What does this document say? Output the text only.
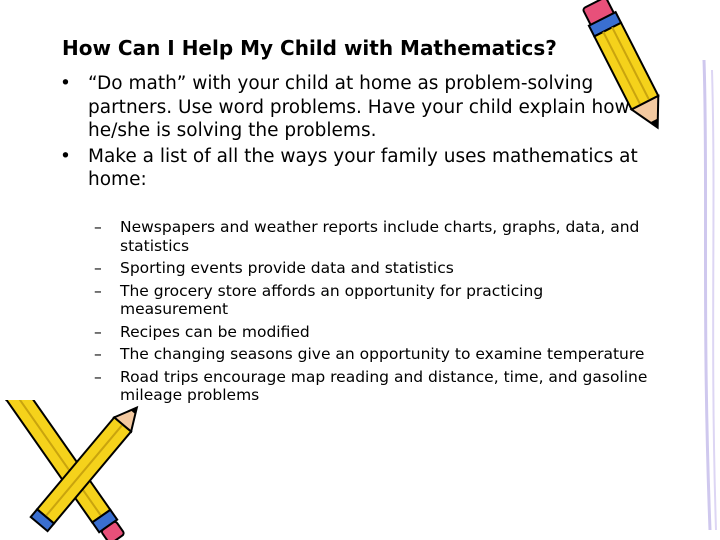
How Can I Help My Child with Mathematics?
• “Do math” with your child at home as problem-solving partners. Use word problems. Have your child explain how he/she is solving the problems.
• Make a list of all the ways your family uses mathematics at home:
– Newspapers and weather reports include charts, graphs, data, and statistics
– Sporting events provide data and statistics
– The grocery store affords an opportunity for practicing measurement
– Recipes can be modified
– The changing seasons give an opportunity to examine temperature
– Road trips encourage map reading and distance, time, and gasoline mileage problems
